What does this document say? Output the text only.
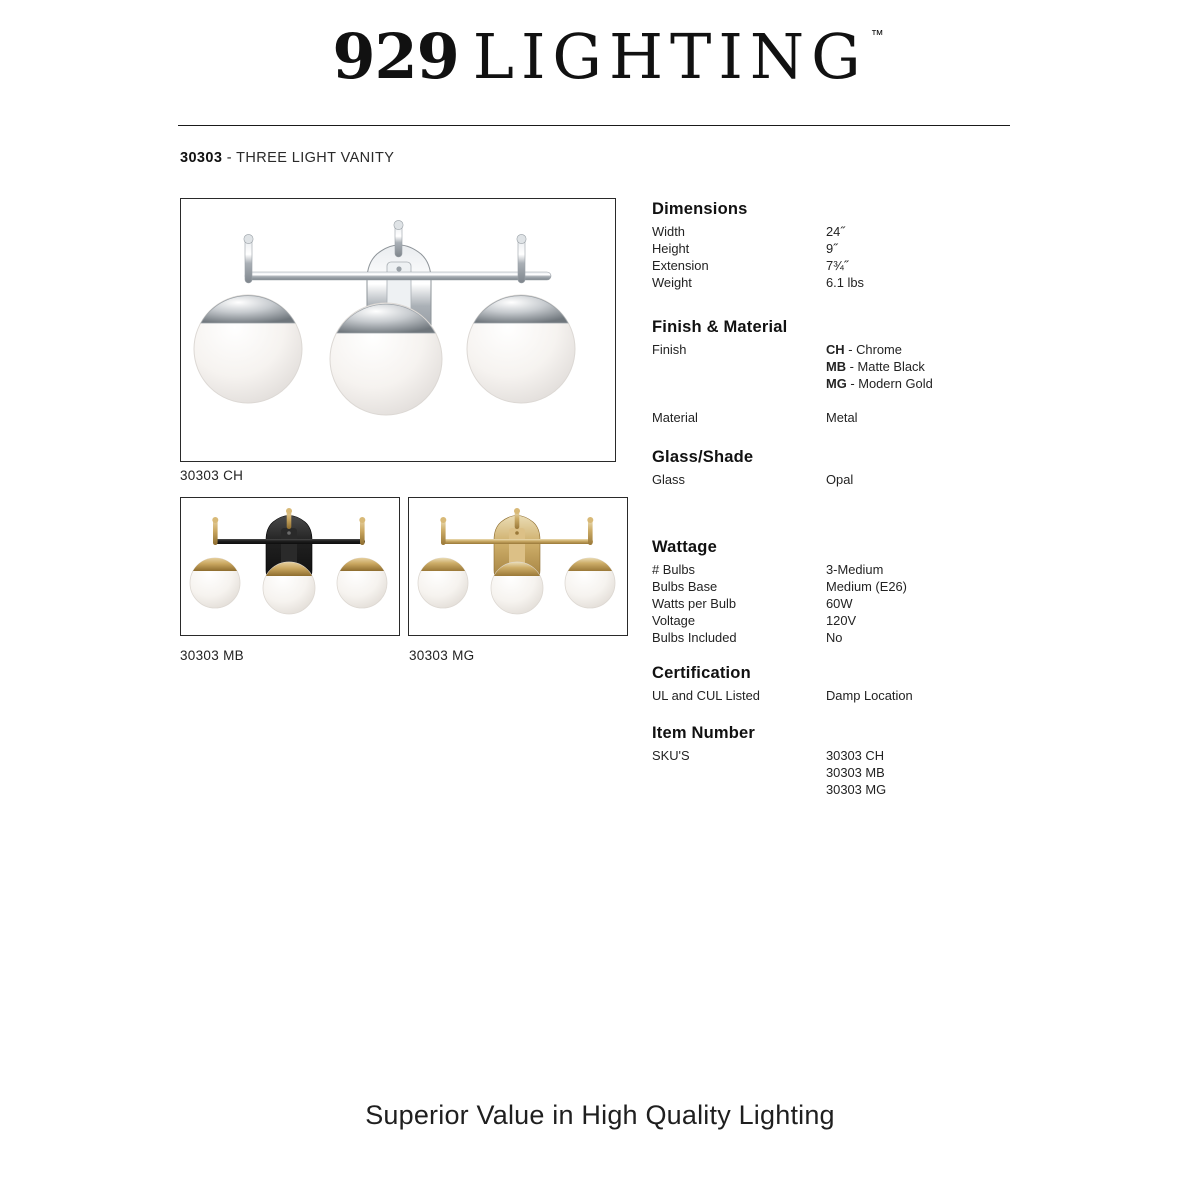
929 LIGHTING ™
30303 - THREE LIGHT VANITY
30303 CH
30303 MB	30303 MG
Dimensions
Width	24˝
Height	9˝
Extension	7¾˝
Weight	6.1 lbs
Finish & Material
Finish	CH - Chrome
MB - Matte Black
MG - Modern Gold
Material	Metal
Glass/Shade
Glass	Opal
Wattage
# Bulbs	3-Medium
Bulbs Base	Medium (E26)
Watts per Bulb	60W
Voltage	120V
Bulbs Included	No
Certification
UL and CUL Listed	Damp Location
Item Number
SKU'S	30303 CH
30303 MB
30303 MG
Superior Value in High Quality Lighting
